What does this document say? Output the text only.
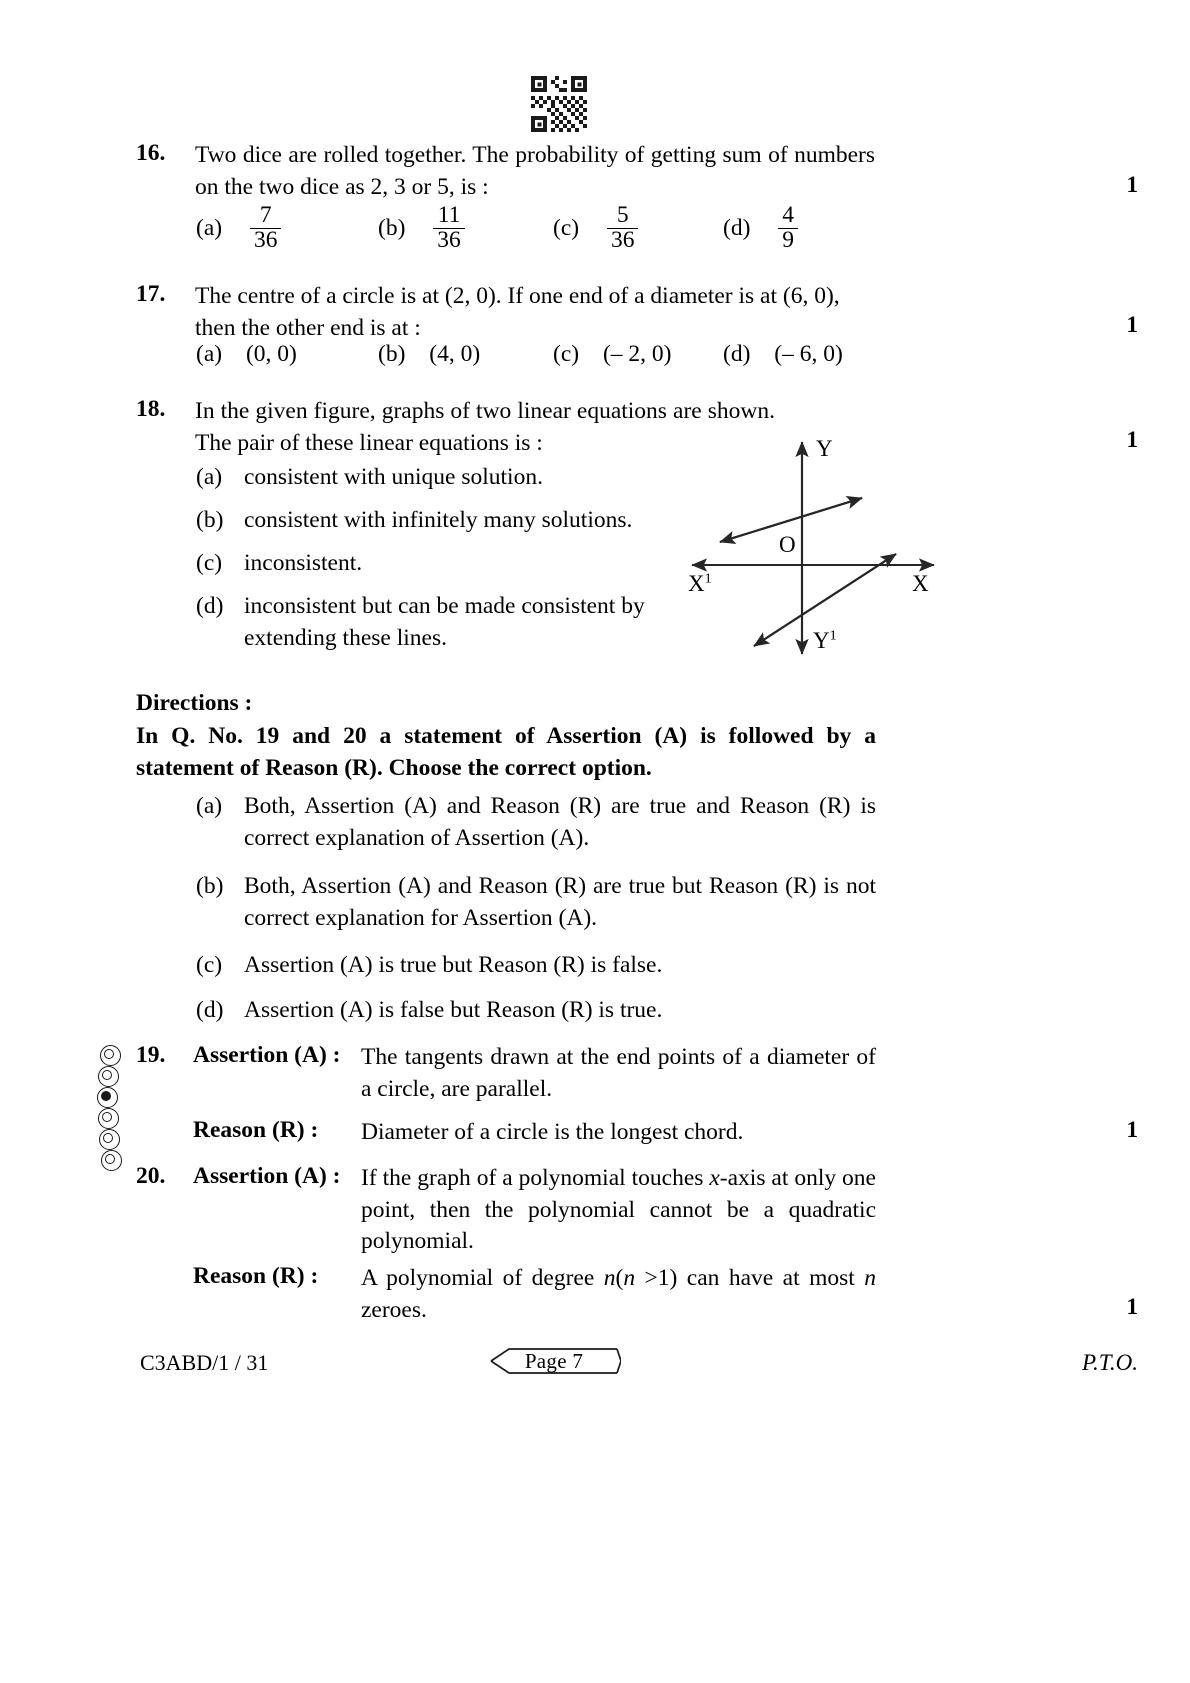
16. Two dice are rolled together. The probability of getting sum of numbers on the two dice as 2, 3 or 5, is :	1
$(a) \frac{7}{36}$	$(b) \frac{11}{36}$	$(c) \frac{5}{36}$	$(d) \frac{4}{9}$
17. The centre of a circle is at (2, 0). If one end of a diameter is at (6, 0), then the other end is at :	1
(a) (0, 0)	(b) (4, 0)	(c) (– 2, 0) (d) (– 6, 0)
18. In the given figure, graphs of two linear equations are shown. The pair of these linear equations is :	1
(a) consistent with unique solution.
(b) consistent with infinitely many solutions.
(c) inconsistent.
(d) inconsistent but can be made consistent by extending these lines.
Y
O
X
$X^1$
$Y^1$
Directions :
In Q. No. 19 and 20 a statement of Assertion (A) is followed by a statement of Reason (R). Choose the correct option.
(a) Both, Assertion (A) and Reason (R) are true and Reason (R) is correct explanation of Assertion (A).
(b) Both, Assertion (A) and Reason (R) are true but Reason (R) is not correct explanation for Assertion (A).
(c) Assertion (A) is true but Reason (R) is false.
(d) Assertion (A) is false but Reason (R) is true.
19. Assertion (A) : The tangents drawn at the end points of a diameter of a circle, are parallel.
Reason (R) : Diameter of a circle is the longest chord.	1
20. Assertion (A) : If the graph of a polynomial touches x-axis at only one point, then the polynomial cannot be a quadratic polynomial.
Reason (R) : A polynomial of degree n(n >1) can have at most n zeroes.	1
C3ABD/1 / 31	Page 7	P.T.O.
